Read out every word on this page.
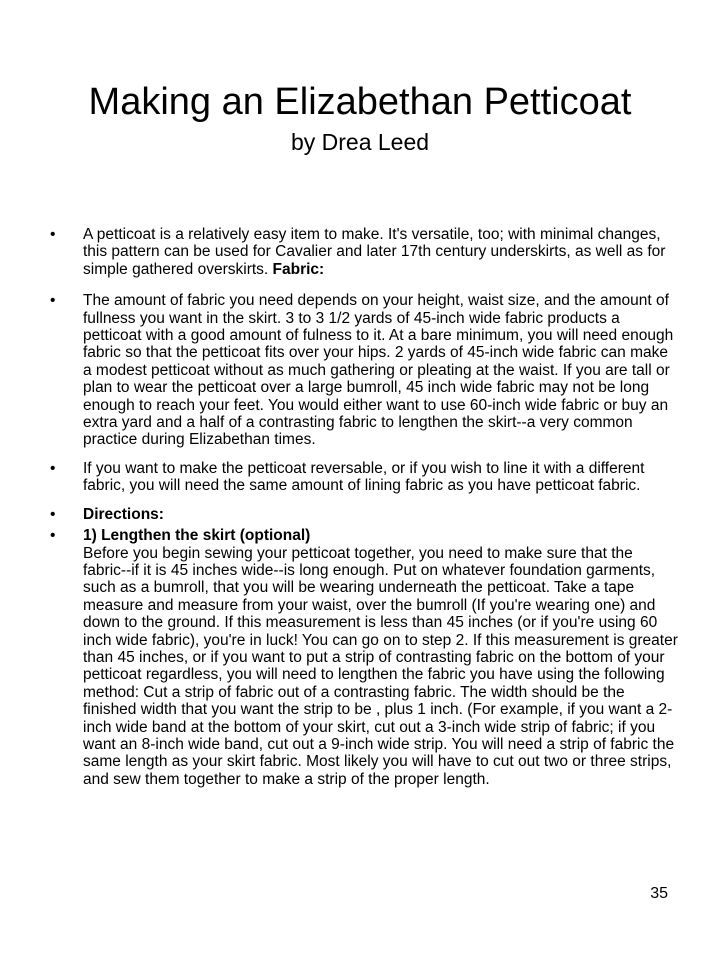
Making an Elizabethan Petticoat
by Drea Leed
• A petticoat is a relatively easy item to make. It's versatile, too; with minimal changes, this pattern can be used for Cavalier and later 17th century underskirts, as well as for simple gathered overskirts. Fabric:
• The amount of fabric you need depends on your height, waist size, and the amount of fullness you want in the skirt. 3 to 3 1/2 yards of 45-inch wide fabric products a petticoat with a good amount of fulness to it. At a bare minimum, you will need enough fabric so that the petticoat fits over your hips. 2 yards of 45-inch wide fabric can make a modest petticoat without as much gathering or pleating at the waist. If you are tall or plan to wear the petticoat over a large bumroll, 45 inch wide fabric may not be long enough to reach your feet. You would either want to use 60-inch wide fabric or buy an extra yard and a half of a contrasting fabric to lengthen the skirt--a very common practice during Elizabethan times.
• If you want to make the petticoat reversable, or if you wish to line it with a different fabric, you will need the same amount of lining fabric as you have petticoat fabric.
• Directions:
• 1) Lengthen the skirt (optional)
Before you begin sewing your petticoat together, you need to make sure that the fabric--if it is 45 inches wide--is long enough. Put on whatever foundation garments, such as a bumroll, that you will be wearing underneath the petticoat. Take a tape measure and measure from your waist, over the bumroll (If you're wearing one) and down to the ground. If this measurement is less than 45 inches (or if you're using 60 inch wide fabric), you're in luck! You can go on to step 2. If this measurement is greater than 45 inches, or if you want to put a strip of contrasting fabric on the bottom of your petticoat regardless, you will need to lengthen the fabric you have using the following method: Cut a strip of fabric out of a contrasting fabric. The width should be the finished width that you want the strip to be , plus 1 inch. (For example, if you want a 2-inch wide band at the bottom of your skirt, cut out a 3-inch wide strip of fabric; if you want an 8-inch wide band, cut out a 9-inch wide strip. You will need a strip of fabric the same length as your skirt fabric. Most likely you will have to cut out two or three strips, and sew them together to make a strip of the proper length.
35
